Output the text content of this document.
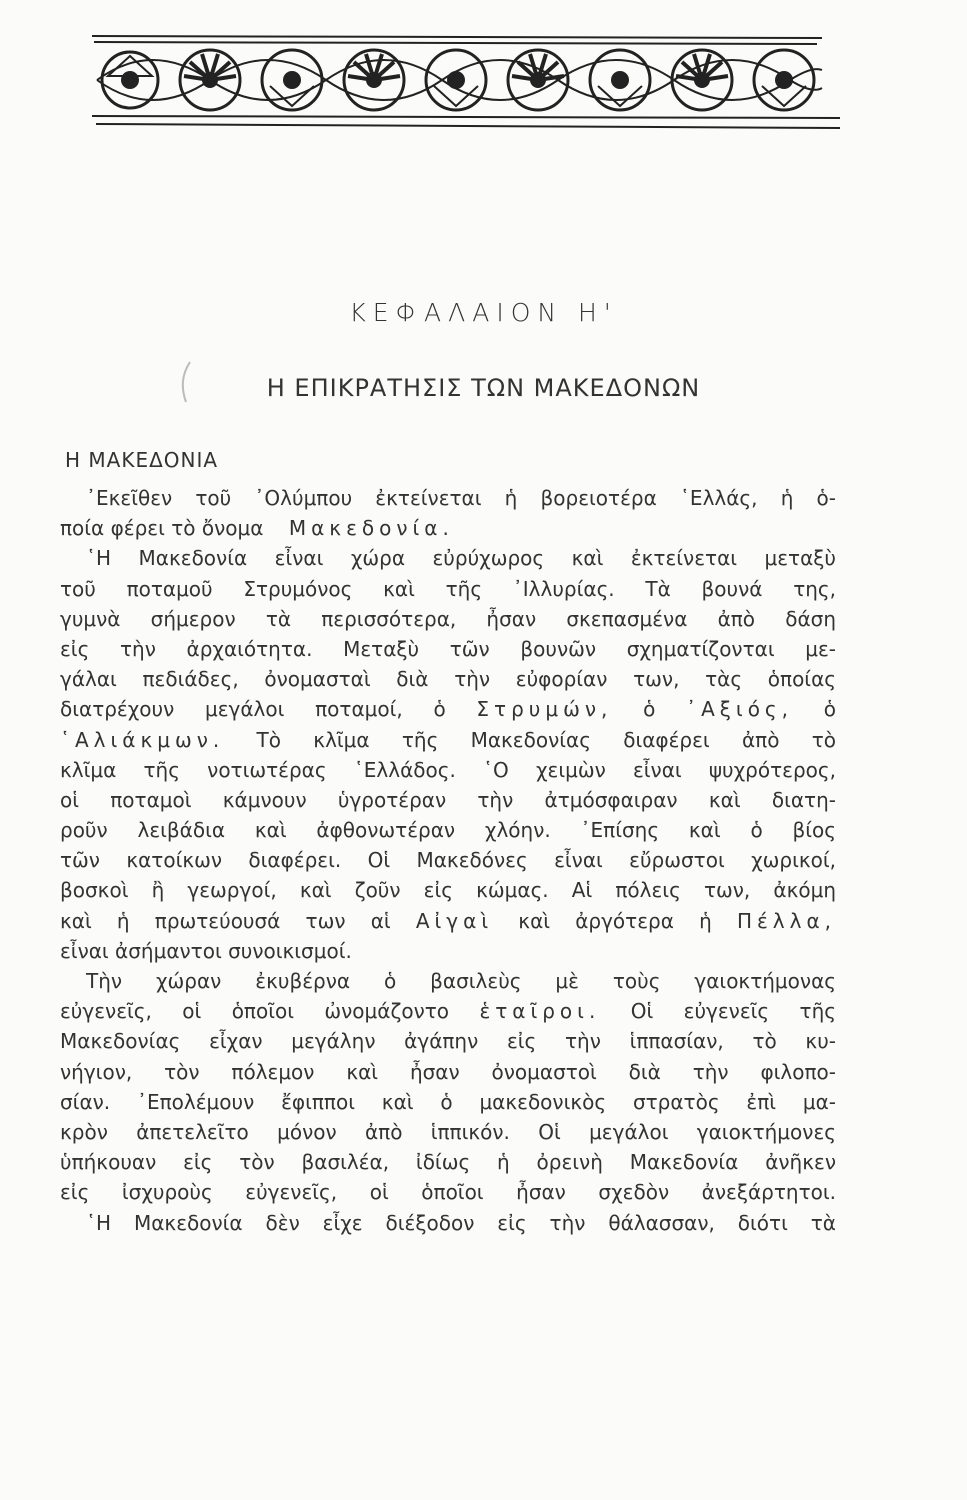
ΚΕΦΑΛΑΙΟΝ Η'
Η ΕΠΙΚΡΑΤΗΣΙΣ ΤΩΝ ΜΑΚΕΔΟΝΩΝ
Η ΜΑΚΕΔΟΝΙΑ
᾿Εκεῖθεν τοῦ ᾿Ολύμπου ἐκτείνεται ἡ βορειοτέρα ῾Ελλάς, ἡ ὁ-
ποία φέρει τὸ ὄνομα Μακεδονία.
῾Η Μακεδονία εἶναι χώρα εὐρύχωρος καὶ ἐκτείνεται μεταξὺ
τοῦ ποταμοῦ Στρυμόνος καὶ τῆς ᾿Ιλλυρίας. Τὰ βουνά της,
γυμνὰ σήμερον τὰ περισσότερα, ἦσαν σκεπασμένα ἀπὸ δάση
εἰς τὴν ἀρχαιότητα. Μεταξὺ τῶν βουνῶν σχηματίζονται με-
γάλαι πεδιάδες, ὀνομασταὶ διὰ τὴν εὐφορίαν των, τὰς ὁποίας
διατρέχουν μεγάλοι ποταμοί, ὁ Στρυμών, ὁ ᾿Αξιός, ὁ
῾Αλιάκμων. Τὸ κλῖμα τῆς Μακεδονίας διαφέρει ἀπὸ τὸ
κλῖμα τῆς νοτιωτέρας ῾Ελλάδος. ῾Ο χειμὼν εἶναι ψυχρότερος,
οἱ ποταμοὶ κάμνουν ὑγροτέραν τὴν ἀτμόσφαιραν καὶ διατη-
ροῦν λειβάδια καὶ ἀφθονωτέραν χλόην. ᾿Επίσης καὶ ὁ βίος
τῶν κατοίκων διαφέρει. Οἱ Μακεδόνες εἶναι εὔρωστοι χωρικοί,
βοσκοὶ ἢ γεωργοί, καὶ ζοῦν εἰς κώμας. Αἱ πόλεις των, ἀκόμη
καὶ ἡ πρωτεύουσά των αἱ Αἰγαὶ καὶ ἀργότερα ἡ Πέλλα,
εἶναι ἀσήμαντοι συνοικισμοί.
Τὴν χώραν ἐκυβέρνα ὁ βασιλεὺς μὲ τοὺς γαιοκτήμονας
εὐγενεῖς, οἱ ὁποῖοι ὠνομάζοντο ἑταῖροι. Οἱ εὐγενεῖς τῆς
Μακεδονίας εἶχαν μεγάλην ἀγάπην εἰς τὴν ἱππασίαν, τὸ κυ-
νήγιον, τὸν πόλεμον καὶ ἦσαν ὀνομαστοὶ διὰ τὴν φιλοπο-
σίαν. ᾿Επολέμουν ἔφιπποι καὶ ὁ μακεδονικὸς στρατὸς ἐπὶ μα-
κρὸν ἀπετελεῖτο μόνον ἀπὸ ἱππικόν. Οἱ μεγάλοι γαιοκτήμονες
ὑπήκουαν εἰς τὸν βασιλέα, ἰδίως ἡ ὀρεινὴ Μακεδονία ἀνῆκεν
εἰς ἰσχυροὺς εὐγενεῖς, οἱ ὁποῖοι ἦσαν σχεδὸν ἀνεξάρτητοι.
῾Η Μακεδονία δὲν εἶχε διέξοδον εἰς τὴν θάλασσαν, διότι τὰ
